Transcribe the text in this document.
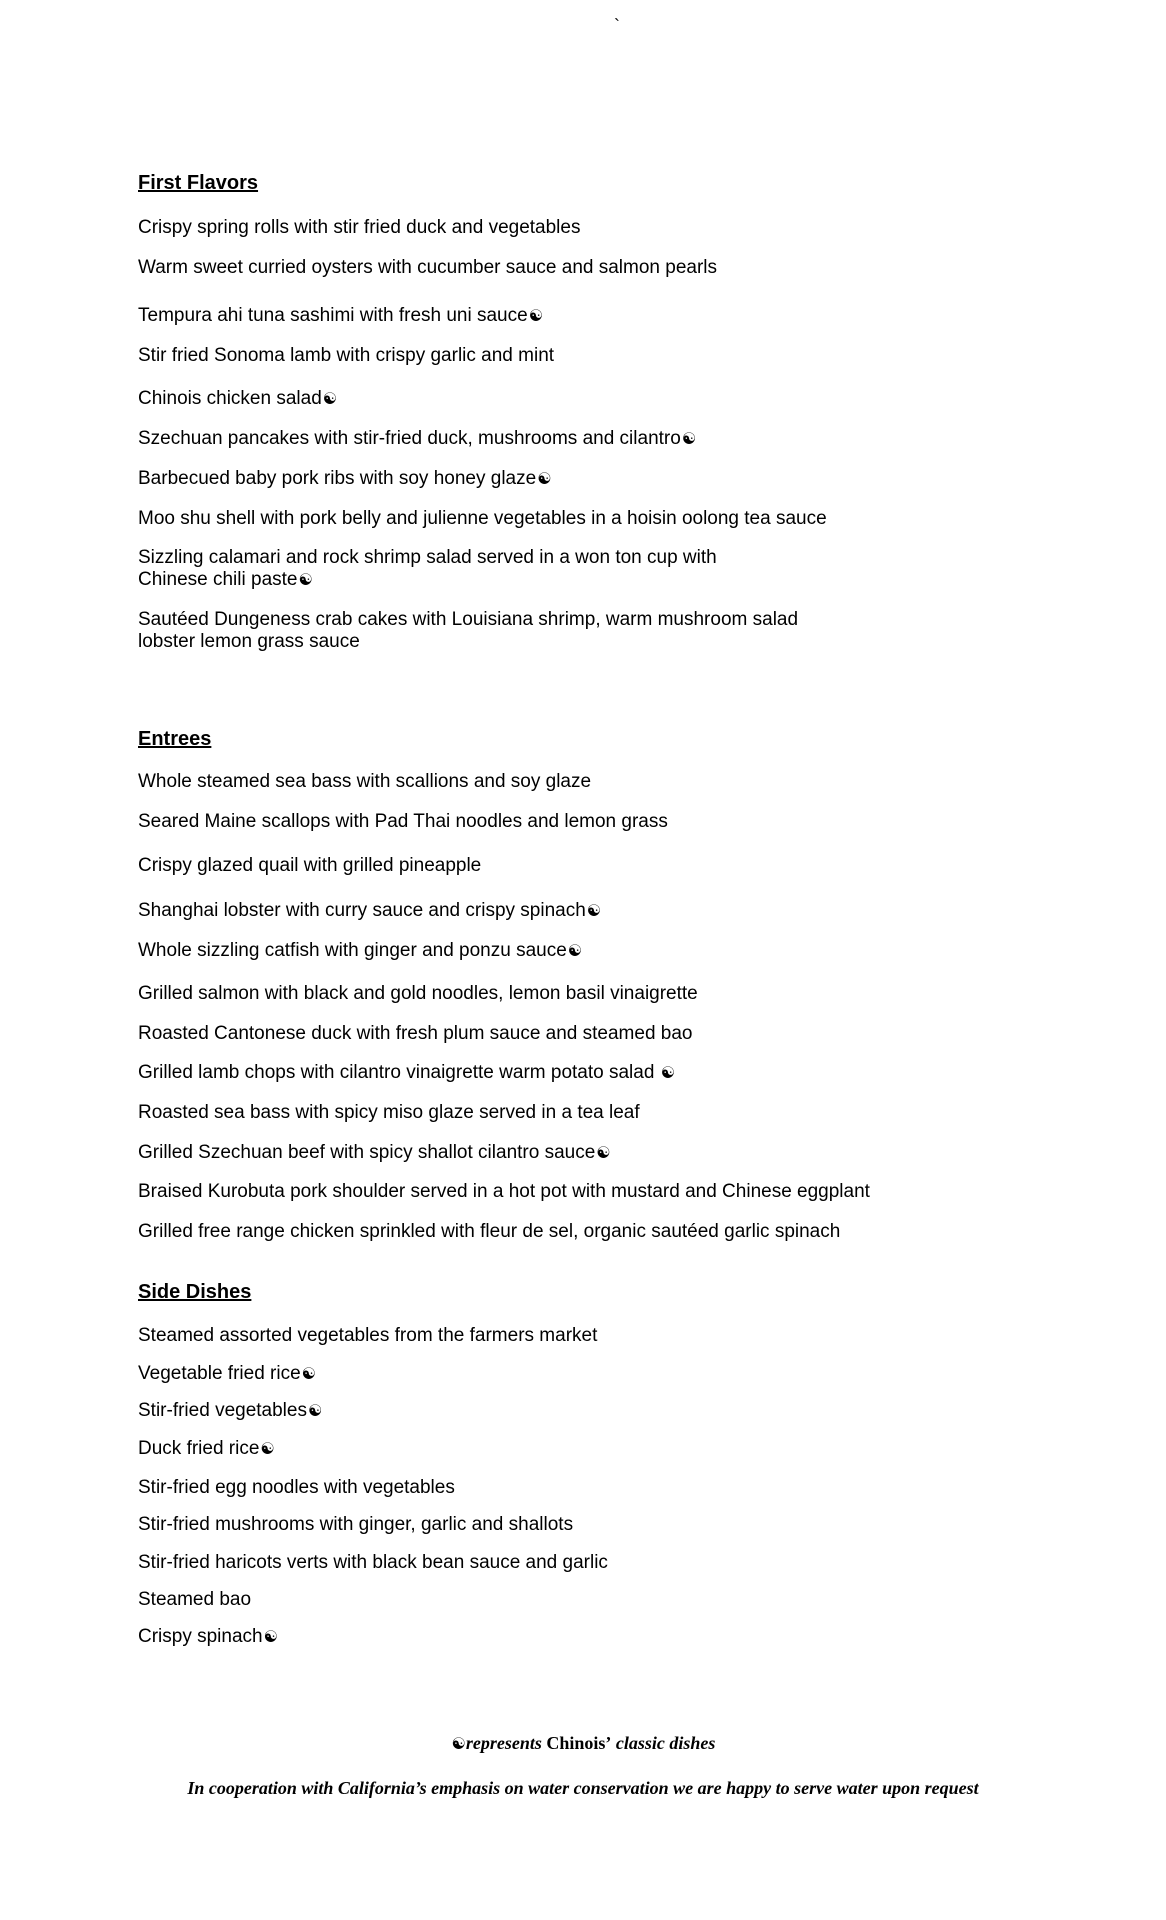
`
First Flavors
Crispy spring rolls with stir fried duck and vegetables
Warm sweet curried oysters with cucumber sauce and salmon pearls
Tempura ahi tuna sashimi with fresh uni sauce☯
Stir fried Sonoma lamb with crispy garlic and mint
Chinois chicken salad☯
Szechuan pancakes with stir-fried duck, mushrooms and cilantro☯
Barbecued baby pork ribs with soy honey glaze☯
Moo shu shell with pork belly and julienne vegetables in a hoisin oolong tea sauce
Sizzling calamari and rock shrimp salad served in a won ton cup with
Chinese chili paste☯
Sautéed Dungeness crab cakes with Louisiana shrimp, warm mushroom salad
lobster lemon grass sauce
Entrees
Whole steamed sea bass with scallions and soy glaze
Seared Maine scallops with Pad Thai noodles and lemon grass
Crispy glazed quail with grilled pineapple
Shanghai lobster with curry sauce and crispy spinach☯
Whole sizzling catfish with ginger and ponzu sauce☯
Grilled salmon with black and gold noodles, lemon basil vinaigrette
Roasted Cantonese duck with fresh plum sauce and steamed bao
Grilled lamb chops with cilantro vinaigrette warm potato salad ☯
Roasted sea bass with spicy miso glaze served in a tea leaf
Grilled Szechuan beef with spicy shallot cilantro sauce☯
Braised Kurobuta pork shoulder served in a hot pot with mustard and Chinese eggplant
Grilled free range chicken sprinkled with fleur de sel, organic sautéed garlic spinach
Side Dishes
Steamed assorted vegetables from the farmers market
Vegetable fried rice☯
Stir-fried vegetables☯
Duck fried rice☯
Stir-fried egg noodles with vegetables
Stir-fried mushrooms with ginger, garlic and shallots
Stir-fried haricots verts with black bean sauce and garlic
Steamed bao
Crispy spinach☯
☯represents Chinois’ classic dishes
In cooperation with California’s emphasis on water conservation we are happy to serve water upon request
